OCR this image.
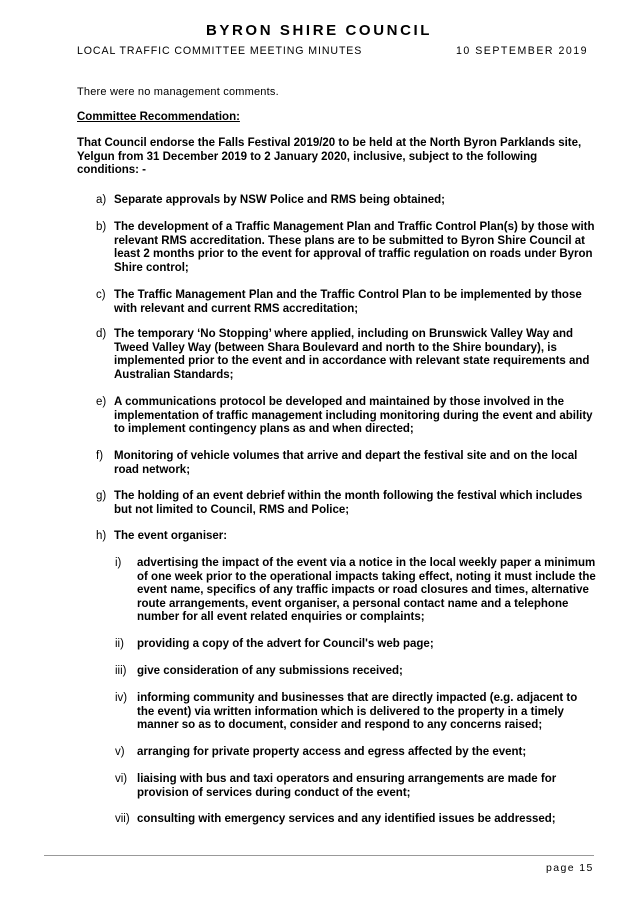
BYRON SHIRE COUNCIL
LOCAL TRAFFIC COMMITTEE MEETING MINUTES	10 SEPTEMBER 2019
There were no management comments.
Committee Recommendation:
That Council endorse the Falls Festival 2019/20 to be held at the North Byron Parklands site, Yelgun from 31 December 2019 to 2 January 2020, inclusive, subject to the following conditions: -
a) Separate approvals by NSW Police and RMS being obtained;
b) The development of a Traffic Management Plan and Traffic Control Plan(s) by those with relevant RMS accreditation. These plans are to be submitted to Byron Shire Council at least 2 months prior to the event for approval of traffic regulation on roads under Byron Shire control;
c) The Traffic Management Plan and the Traffic Control Plan to be implemented by those with relevant and current RMS accreditation;
d) The temporary ‘No Stopping’ where applied, including on Brunswick Valley Way and Tweed Valley Way (between Shara Boulevard and north to the Shire boundary), is implemented prior to the event and in accordance with relevant state requirements and Australian Standards;
e) A communications protocol be developed and maintained by those involved in the implementation of traffic management including monitoring during the event and ability to implement contingency plans as and when directed;
f) Monitoring of vehicle volumes that arrive and depart the festival site and on the local road network;
g) The holding of an event debrief within the month following the festival which includes but not limited to Council, RMS and Police;
h) The event organiser:
i) advertising the impact of the event via a notice in the local weekly paper a minimum of one week prior to the operational impacts taking effect, noting it must include the event name, specifics of any traffic impacts or road closures and times, alternative route arrangements, event organiser, a personal contact name and a telephone number for all event related enquiries or complaints;
ii) providing a copy of the advert for Council's web page;
iii) give consideration of any submissions received;
iv) informing community and businesses that are directly impacted (e.g. adjacent to the event) via written information which is delivered to the property in a timely manner so as to document, consider and respond to any concerns raised;
v) arranging for private property access and egress affected by the event;
vi) liaising with bus and taxi operators and ensuring arrangements are made for provision of services during conduct of the event;
vii) consulting with emergency services and any identified issues be addressed;
page 15
